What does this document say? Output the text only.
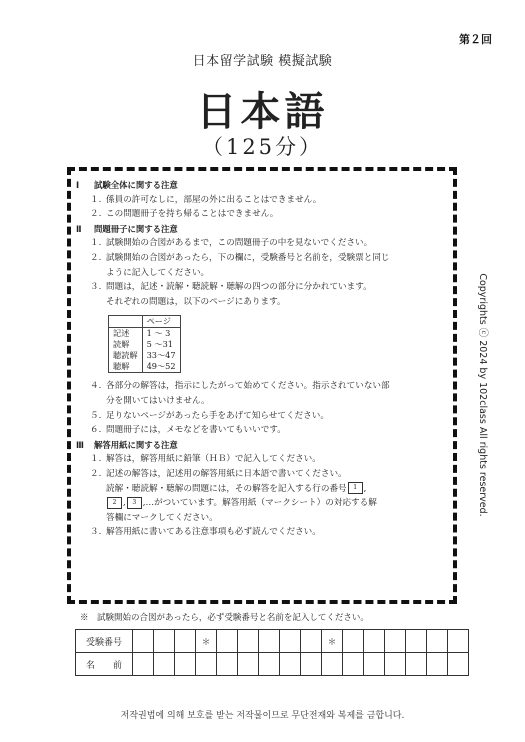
第２回
日本留学試験 模擬試験
日本語
（125分）
Ⅰ 試験全体に関する注意
１. 係員の許可なしに，部屋の外に出ることはできません。
２. この問題冊子を持ち帰ることはできません。
Ⅱ 問題冊子に関する注意
１. 試験開始の合図があるまで，この問題冊子の中を見ないでください。
２. 試験開始の合図があったら，下の欄に，受験番号と名前を，受験票と同じ
ように記入してください。
３. 問題は，記述・読解・聴読解・聴解の四つの部分に分かれています。
それぞれの問題は，以下のページにあります。
	ページ
記述	1 ～ 3
読解	5 ～31
聴読解	33～47
聴解	49～52
４. 各部分の解答は，指示にしたがって始めてください。指示されていない部
分を開いてはいけません。
５. 足りないページがあったら手をあげて知らせてください。
６. 問題冊子には，メモなどを書いてもいいです。
Ⅲ 解答用紙に関する注意
１. 解答は，解答用紙に鉛筆（ＨＢ）で記入してください。
２. 記述の解答は，記述用の解答用紙に日本語で書いてください。
読解・聴読解・聴解の問題には，その解答を記入する行の番号 1 ,
2 , 3 ,…がついています。解答用紙（マークシート）の対応する解
答欄にマークしてください。
３. 解答用紙に書いてある注意事項も必ず読んでください。
Copyrights ⓒ 2024 by 102class All rights reserved.
※　試験開始の合図があったら，必ず受験番号と名前を記入してください。
受験番号				＊						＊						
名　　前																
저작권법에 의해 보호를 받는 저작물이므로 무단전재와 복제를 금합니다.
